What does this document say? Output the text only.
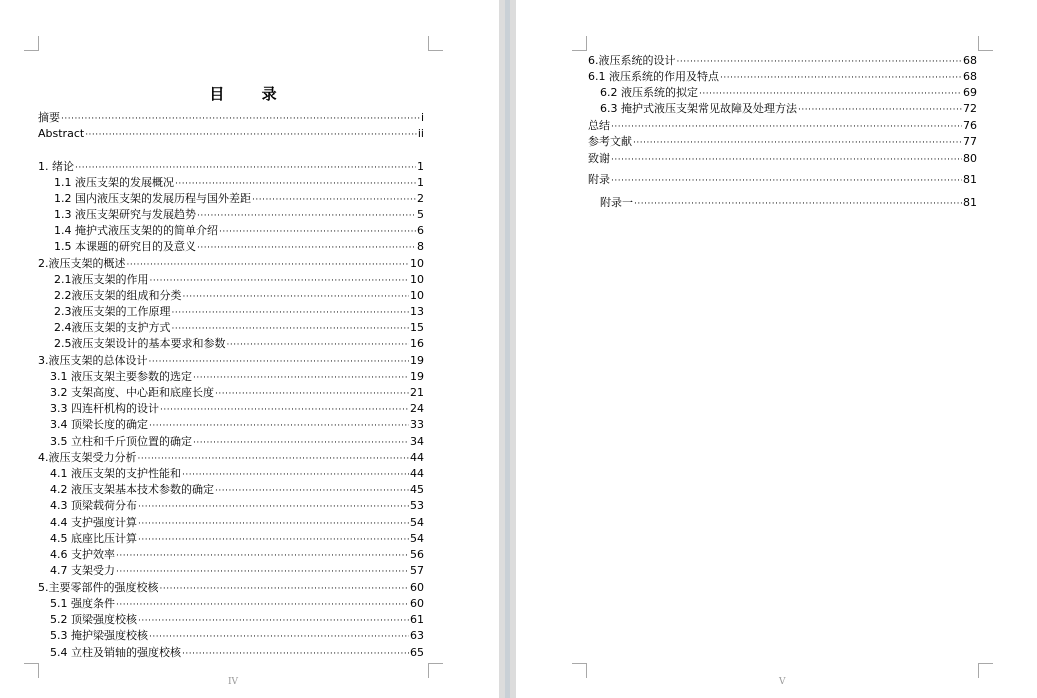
目 录
摘要 ·····	i
Abstract ·····	ii
1. 绪论 ·····	1
1.1 液压支架的发展概况 ·····	1
1.2 国内液压支架的发展历程与国外差距 ·····	2
1.3 液压支架研究与发展趋势 ·····	5
1.4 掩护式液压支架的的简单介绍 ·····	6
1.5 本课题的研究目的及意义 ·····	8
2.液压支架的概述 ·····	10
2.1液压支架的作用 ·····	10
2.2液压支架的组成和分类 ·····	10
2.3液压支架的工作原理 ·····	13
2.4液压支架的支护方式 ·····	15
2.5液压支架设计的基本要求和参数 ·····	16
3.液压支架的总体设计 ·····	19
3.1 液压支架主要参数的选定 ·····	19
3.2 支架高度、中心距和底座长度 ·····	21
3.3 四连杆机构的设计 ·····	24
3.4 顶梁长度的确定 ·····	33
3.5 立柱和千斤顶位置的确定 ·····	34
4.液压支架受力分析 ·····	44
4.1 液压支架的支护性能和 ·····	44
4.2 液压支架基本技术参数的确定 ·····	45
4.3 顶梁载荷分布 ·····	53
4.4 支护强度计算 ·····	54
4.5 底座比压计算 ·····	54
4.6 支护效率 ·····	56
4.7 支架受力 ·····	57
5.主要零部件的强度校核 ·····	60
5.1 强度条件 ·····	60
5.2 顶梁强度校核 ·····	61
5.3 掩护梁强度校核 ·····	63
5.4 立柱及销轴的强度校核 ·····	65
IV
6.液压系统的设计 ·····	68
6.1 液压系统的作用及特点 ·····	68
6.2 液压系统的拟定 ·····	69
6.3 掩护式液压支架常见故障及处理方法 ·····	72
总结 ·····	76
参考文献 ·····	77
致谢 ·····	80
附录 ·····	81
附录一 ·····	81
V
